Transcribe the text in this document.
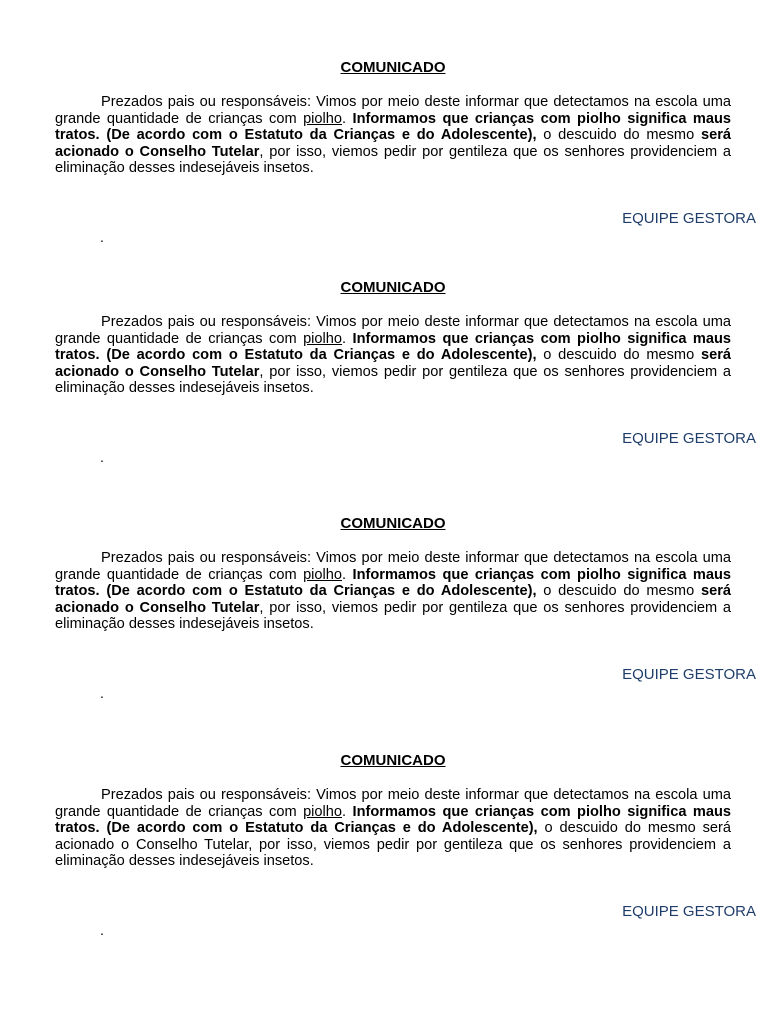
COMUNICADO

Prezados pais ou responsáveis: Vimos por meio deste informar que detectamos na escola uma grande quantidade de crianças com piolho. Informamos que crianças com piolho significa maus tratos. (De acordo com o Estatuto da Crianças e do Adolescente), o descuido do mesmo será acionado o Conselho Tutelar, por isso, viemos pedir por gentileza que os senhores providenciem a eliminação desses indesejáveis insetos.

EQUIPE GESTORA
.

COMUNICADO

Prezados pais ou responsáveis: Vimos por meio deste informar que detectamos na escola uma grande quantidade de crianças com piolho. Informamos que crianças com piolho significa maus tratos. (De acordo com o Estatuto da Crianças e do Adolescente), o descuido do mesmo será acionado o Conselho Tutelar, por isso, viemos pedir por gentileza que os senhores providenciem a eliminação desses indesejáveis insetos.

EQUIPE GESTORA
.

COMUNICADO

Prezados pais ou responsáveis: Vimos por meio deste informar que detectamos na escola uma grande quantidade de crianças com piolho. Informamos que crianças com piolho significa maus tratos. (De acordo com o Estatuto da Crianças e do Adolescente), o descuido do mesmo será acionado o Conselho Tutelar, por isso, viemos pedir por gentileza que os senhores providenciem a eliminação desses indesejáveis insetos.

EQUIPE GESTORA
.

COMUNICADO

Prezados pais ou responsáveis: Vimos por meio deste informar que detectamos na escola uma grande quantidade de crianças com piolho. Informamos que crianças com piolho significa maus tratos. (De acordo com o Estatuto da Crianças e do Adolescente), o descuido do mesmo será acionado o Conselho Tutelar, por isso, viemos pedir por gentileza que os senhores providenciem a eliminação desses indesejáveis insetos.

EQUIPE GESTORA
.
